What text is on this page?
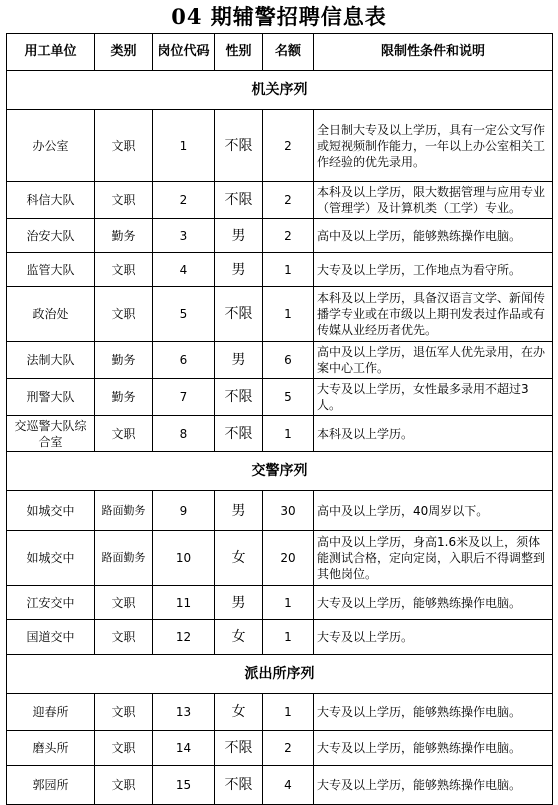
04 期辅警招聘信息表
用工单位	类别	岗位代码	性别	名额	限制性条件和说明
机关序列					
办公室	文职	1	不限	2	全日制大专及以上学历，具有一定公文写作或短视频制作能力，一年以上办公室相关工作经验的优先录用。
科信大队	文职	2	不限	2	本科及以上学历，限大数据管理与应用专业（管理学）及计算机类（工学）专业。
治安大队	勤务	3	男	2	高中及以上学历，能够熟练操作电脑。
监管大队	文职	4	男	1	大专及以上学历，工作地点为看守所。
政治处	文职	5	不限	1	本科及以上学历，具备汉语言文学、新闻传播学专业或在市级以上期刊发表过作品或有传媒从业经历者优先。
法制大队	勤务	6	男	6	高中及以上学历，退伍军人优先录用，在办案中心工作。
刑警大队	勤务	7	不限	5	大专及以上学历，女性最多录用不超过3人。
交巡警大队综合室	文职	8	不限	1	本科及以上学历。
交警序列					
如城交中	路面勤务	9	男	30	高中及以上学历，40周岁以下。
如城交中	路面勤务	10	女	20	高中及以上学历，身高1.6米及以上，须体能测试合格，定向定岗，入职后不得调整到其他岗位。
江安交中	文职	11	男	1	大专及以上学历，能够熟练操作电脑。
国道交中	文职	12	女	1	大专及以上学历。
派出所序列					
迎春所	文职	13	女	1	大专及以上学历，能够熟练操作电脑。
磨头所	文职	14	不限	2	大专及以上学历，能够熟练操作电脑。
郭园所	文职	15	不限	4	大专及以上学历，能够熟练操作电脑。
